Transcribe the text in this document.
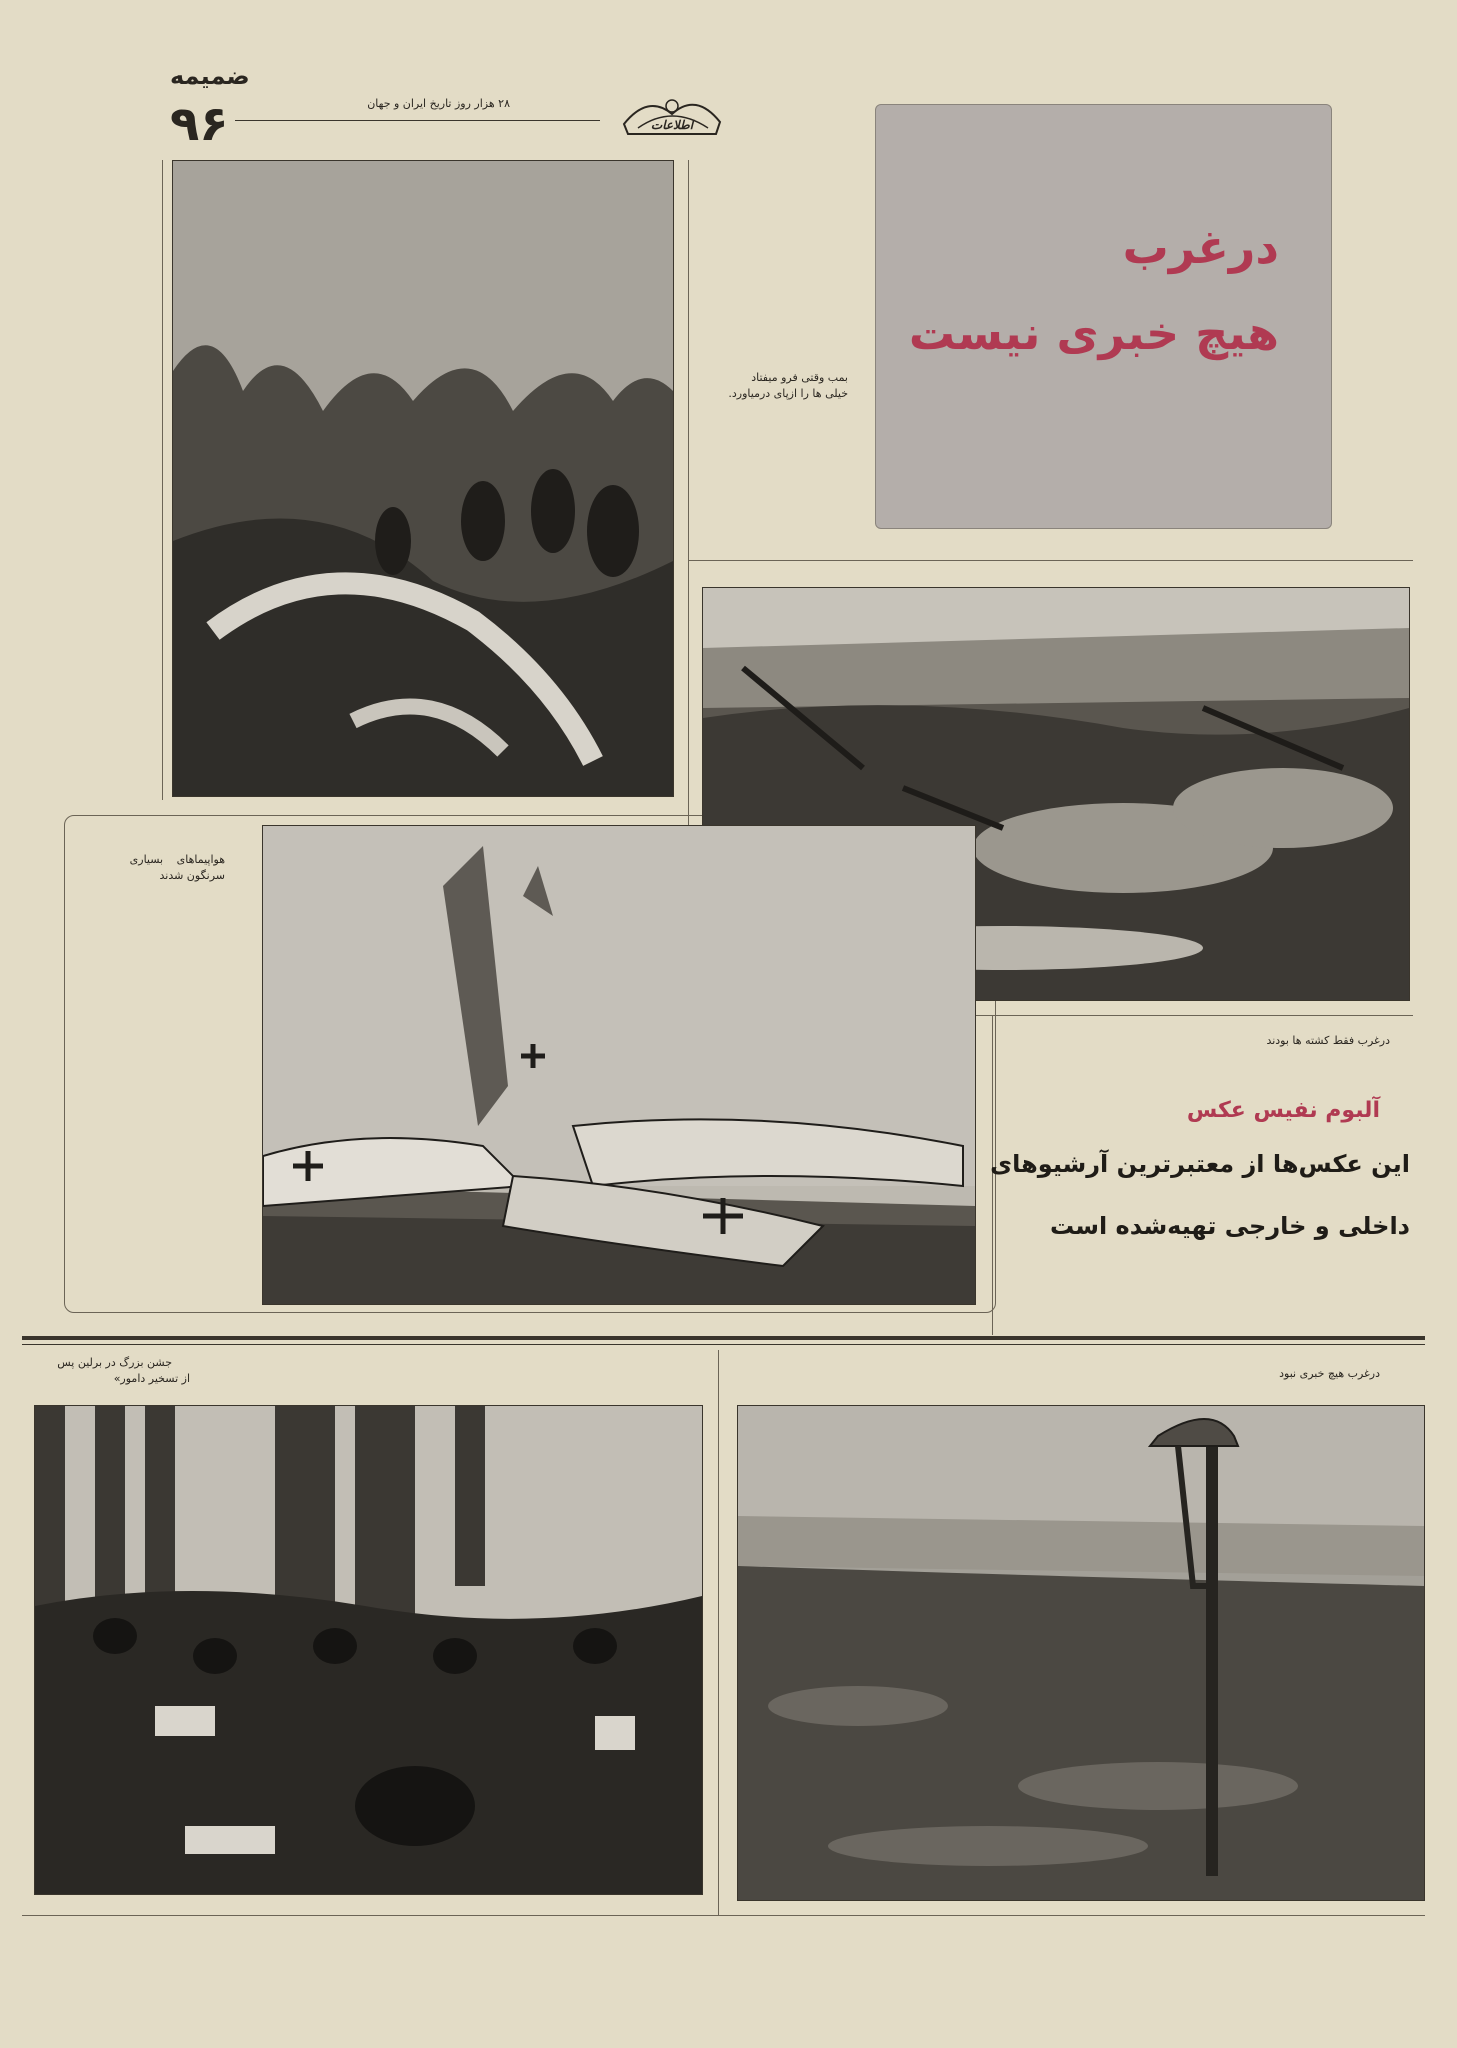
ضمیمه
۹۶	۲۸ هزار روز تاریخ ایران و جهان
اطلاعات
درغرب
هیچ خبری نیست
بمب وقتی فرو میفتاد
خیلی ها را ازپای درمیاورد.
هواپیماهای بسیاری
سرنگون شدند
درغرب فقط کشته ها بودند
جشن بزرگ در برلین پس
از تسخیر دامور»	درغرب هیچ خبری نبود
آلبوم نفیس عکس
این عکس‌ها از معتبرترین آرشیوهای
داخلی و خارجی تهیه‌شده است
